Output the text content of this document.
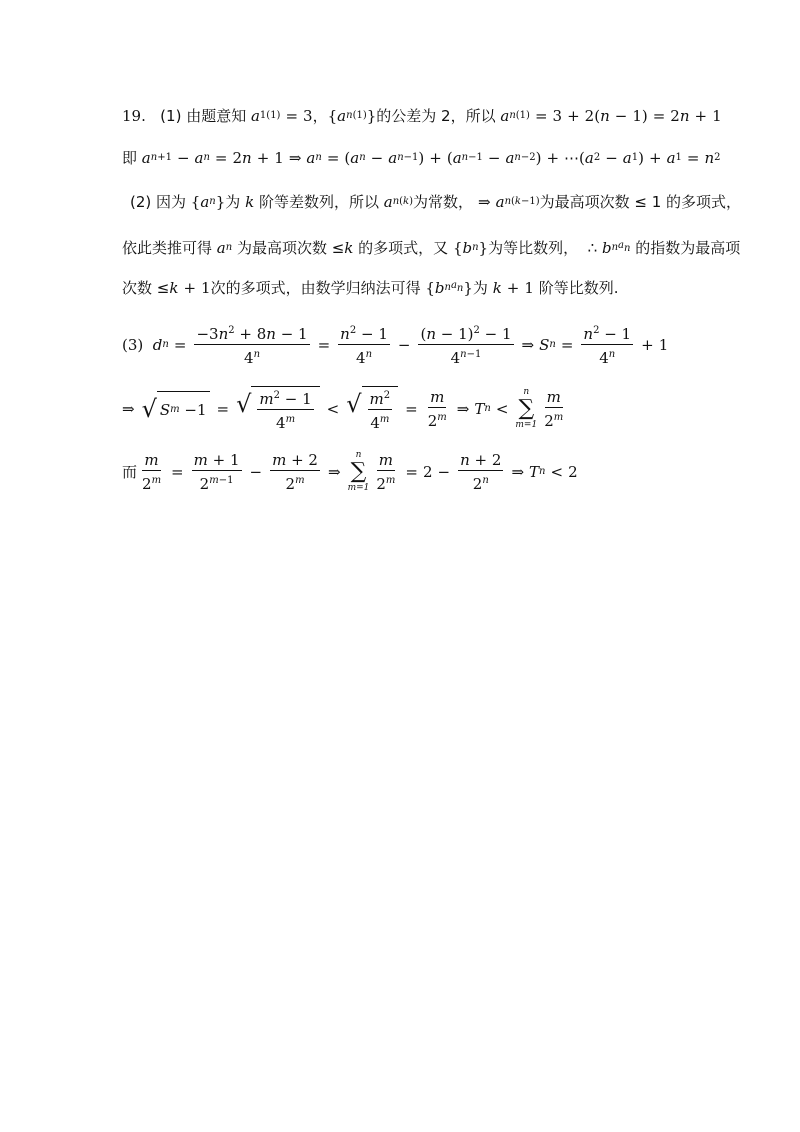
19. (1) 由题意知 a 1 (1) = 3 ， { a n (1) } 的公差为 2，所以 a n (1) = 3 + 2( n − 1) = 2 n + 1
即 a n+1 − a n = 2 n + 1 ⇒ a n = ( a n − a n−1 ) + ( a n−1 − a n−2 ) + ⋯( a 2 − a 1 ) + a 1 = n 2
(2) 因为 { a n } 为 k 阶等差数列，所以 a n (k) 为常数， ⇒ a n (k−1) 为最高项次数 ≤ 1 的多项式，
依此类推可得 a n 为最高项次数 ≤ k 的多项式，又 { b n } 为等比数列，  ∴ b n $a_n$ 的指数为最高项
次数 ≤ k + 1 次的多项式，由数学归纳法可得 { b n $a_n$ } 为 k + 1 阶等比数列.
(3) d $n = \frac{-3n^2 + 8n - 1}{4^n} = \frac{n^2 - 1}{4^n} - \frac{(n - 1)^2 - 1}{4^{n-1}}$ ⇒ S $n = \frac{n^2 - 1}{4^n} + 1$
⇒ √ S m −1 = √ $\frac{m^2 - 1}{4^m}$ < √ $\frac{m^2}{4^m} = \frac{m}{2^m}$ ⇒ T n <
n
∑
$m=1 \frac{m}{2^m}$
而 $\frac{m}{2^m} = \frac{m + 1}{2^{m-1}} - \frac{m + 2}{2^m}$ ⇒
n
∑
$m=1 \frac{m}{2^m} = 2 - \frac{n + 2}{2^n}$ ⇒ T n < 2
